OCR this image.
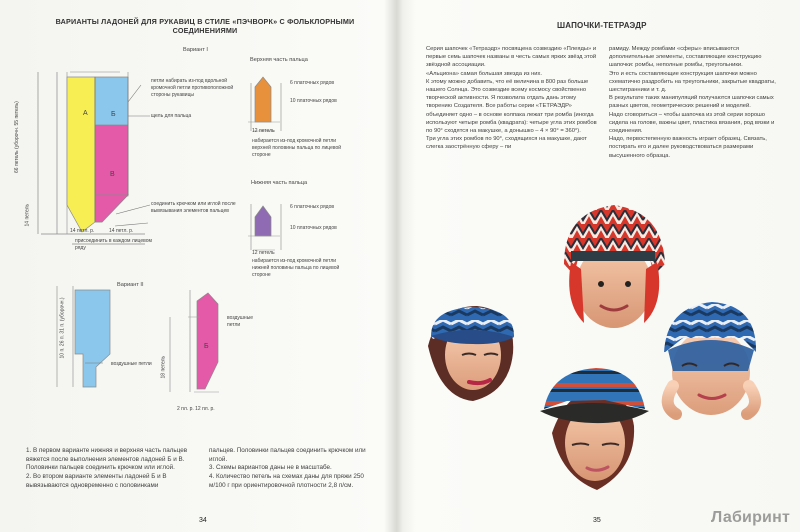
ВАРИАНТЫ ЛАДОНЕЙ ДЛЯ РУКАВИЦ В СТИЛЕ «ПЭЧВОРК» С ФОЛЬКЛОРНЫМИ СОЕДИНЕНИЯМИ
Вариант I
Верхняя часть пальца
Нижняя часть пальца
Вариант II
66 петель (уборочн. 55 петель)
14 петель
14 петл. р.	14 петл. р.
А	Б
В
петли набирать из-под вдольной кромочной петли противоположной стороны рукавицы
щель для пальца
соединить крючком или иглой после вывязывания элементов пальцев
присоединить в каждом лицевом ряду
6 платочных рядов
10 платочных рядов
12 петель
набирается из-под кромочной петли верхней половины пальца по лицевой стороне
6 платочных рядов
10 платочных рядов
12 петель
набирается из-под кромочной петли нижней половины пальца по лицевой стороне
10 п. 26 п. 31 п. (уборочн.)
воздушные петли
Б
воздушные петли
18 петель
2 пл. р. 12 пл. р.
1. В первом варианте нижняя и верхняя часть пальцев вяжется после выполнения элементов ладоней Б и В. Половинки пальцев соединить крючком или иглой.
2. Во втором варианте элементы ладоней Б и В вывязываются одновременно с половинками
пальцев. Половинки пальцев соединить крючком или иглой.
3. Схемы вариантов даны не в масштабе.
4. Количество петель на схемах даны для пряжи 250 м/100 г при ориентировочной плотности 2,8 п/см.
34
ШАПОЧКИ-ТЕТРАЭДР
Серия шапочек «Тетраэдр» посвящена созвездию «Плеяды» и первые семь шапочек названы в честь самых ярких звёзд этой звёздной ассоциации.
«Альциона» самая большая звезда из них.
К этому можно добавить, что её величина в 800 раз больше нашего Солнца. Это созвездие всему космосу свойственно творческой активности. Я позволила отдать дань этому творению Создателя. Все работы серии «ТЕТРАЭДР» объединяет одно – в основе колпака лежат три ромба (иногда используют четыре ромба (квадрата): четыре угла этих ромбов по 90° сходятся на макушке, а донышко – 4 × 90° = 360°).
Три угла этих ромбов по 90°, сходящихся на макушке, дают слегка заострённую сферу – пи
рамиду. Между ромбами «сферы» вписываются дополнительные элементы, составляющие конструкцию шапочки: ромбы, неполные ромбы, треугольники.
Это и есть составляющие конструкция шапочки можно схематично раздробить на треугольники, закрытые квадраты, шестигранники и т. д.
В результате таких манипуляций получаются шапочки самых разных цветов, геометрических решений и моделей.
Надо сговориться – чтобы шапочка из этой серии хорошо сидела на голове, важны цвет, пластика вязания, род вязки и соединения.
Надо, первостепенную важность играет образец. Связать, постирать его и далее руководствоваться размерами высушенного образца.
35	Лабиринт
